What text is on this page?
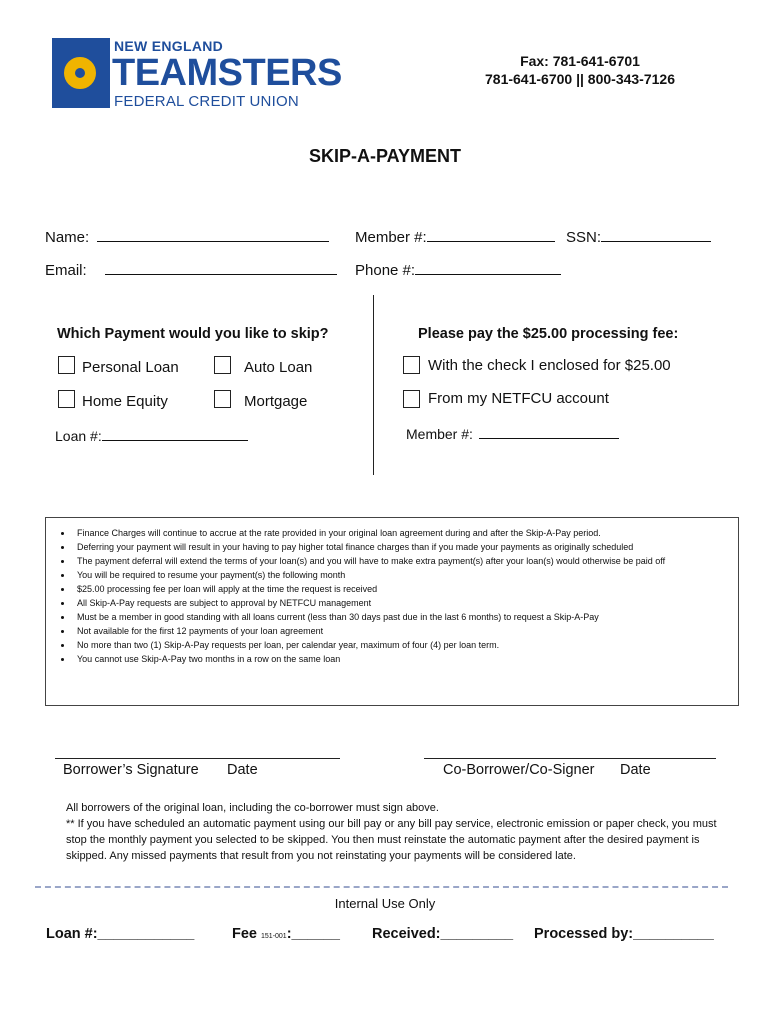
NEW ENGLAND
TEAMSTERS
FEDERAL CREDIT UNION
Fax: 781-641-6701
781-641-6700 || 800-343-7126
SKIP-A-PAYMENT
Name:	Member #:	SSN:
Email:	Phone #:
Which Payment would you like to skip?
Personal Loan	Auto Loan
Home Equity	Mortgage
Loan #:
Please pay the $25.00 processing fee:
With the check I enclosed for $25.00
From my NETFCU account
Member #:
• Finance Charges will continue to accrue at the rate provided in your original loan agreement during and after the Skip-A-Pay period.
• Deferring your payment will result in your having to pay higher total finance charges than if you made your payments as originally scheduled
• The payment deferral will extend the terms of your loan(s) and you will have to make extra payment(s) after your loan(s) would otherwise be paid off
• You will be required to resume your payment(s) the following month
• $25.00 processing fee per loan will apply at the time the request is received
• All Skip-A-Pay requests are subject to approval by NETFCU management
• Must be a member in good standing with all loans current (less than 30 days past due in the last 6 months) to request a Skip-A-Pay
• Not available for the first 12 payments of your loan agreement
• No more than two (1) Skip-A-Pay requests per loan, per calendar year, maximum of four (4) per loan term.
• You cannot use Skip-A-Pay two months in a row on the same loan
Borrower’s Signature Date	Co-Borrower/Co-Signer Date
All borrowers of the original loan, including the co-borrower must sign above.
** If you have scheduled an automatic payment using our bill pay or any bill pay service, electronic emission or paper check, you must stop the monthly payment you selected to be skipped. You then must reinstate the automatic payment after the desired payment is skipped. Any missed payments that result from you not reinstating your payments will be considered late.
Internal Use Only
Loan #:____________	Fee 151-001:______ Received:_________ Processed by:__________
